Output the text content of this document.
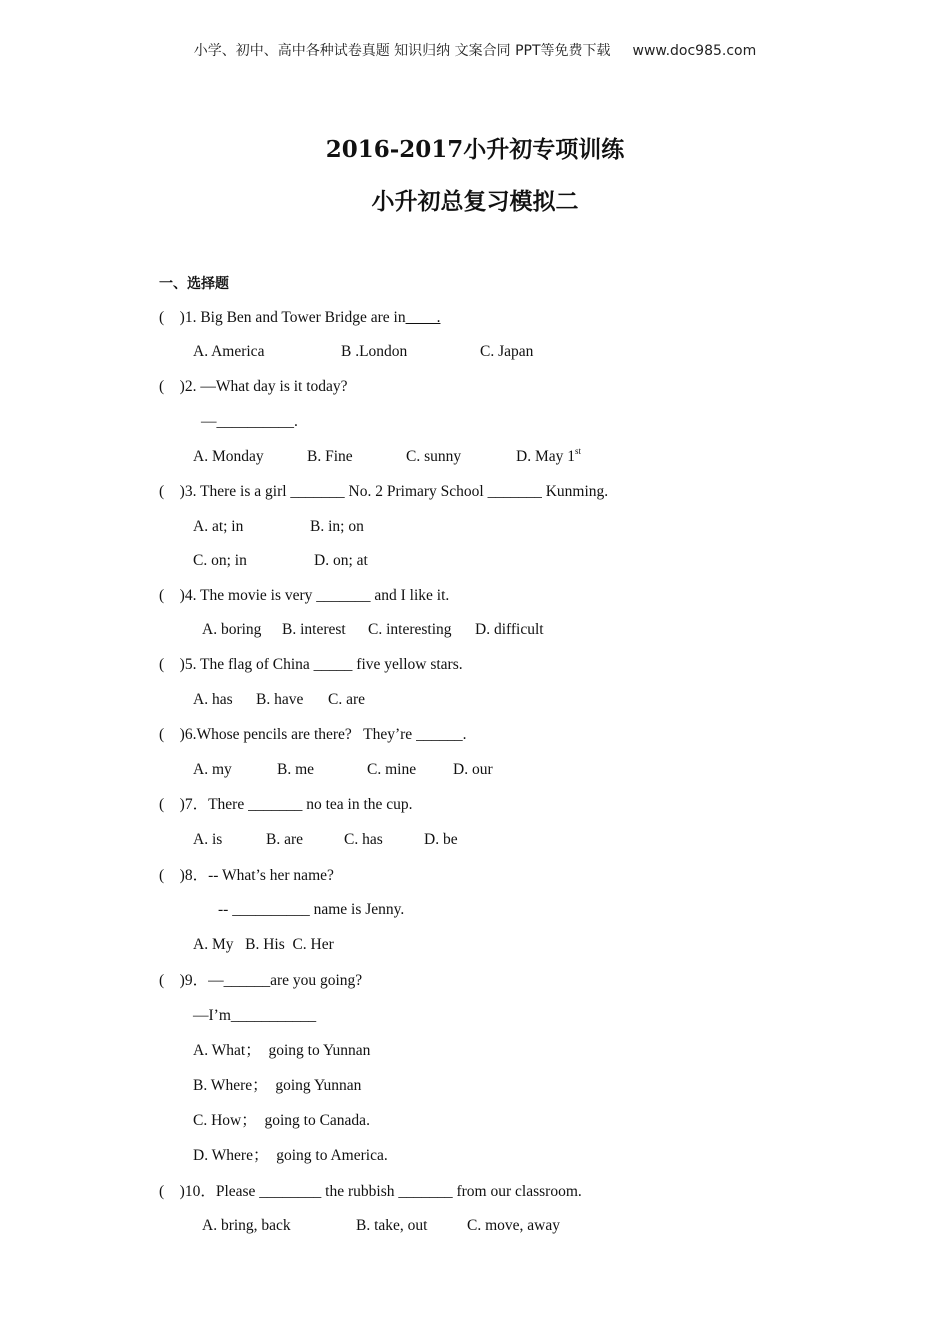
小学、初中、高中各种试卷真题 知识归纳 文案合同 PPT等免费下载 www.doc985.com
2016-2017小升初专项训练
小升初总复习模拟二
一、选择题
(    )1. Big Ben and Tower Bridge are in____.
A. America	B .London	C. Japan
(    )2. —What day is it today?
—__________.
A. Monday	B. Fine	C. sunny	D. May 1st
(    )3. There is a girl _______ No. 2 Primary School _______ Kunming.
A. at; in	B. in; on
C. on; in	D. on; at
(    )4. The movie is very _______ and I like it.
A. boring B. interest C. interesting D. difficult
(    )5. The flag of China _____ five yellow stars.
A. has B. have C. are
(    )6.Whose pencils are there?   They’re ______.
A. my	B. me	C. mine D. our
(    )7．There _______ no tea in the cup.
A. is	B. are	C. has	D. be
(    )8．-- What’s her name?
-- __________ name is Jenny.
A. My   B. His  C. Her
(    )9．—______are you going?
—I’m___________
A. What；  going to Yunnan
B. Where；  going Yunnan
C. How；  going to Canada.
D. Where；  going to America.
(    )10．Please ________ the rubbish _______ from our classroom.
A. bring, back	B. take, out	C. move, away
